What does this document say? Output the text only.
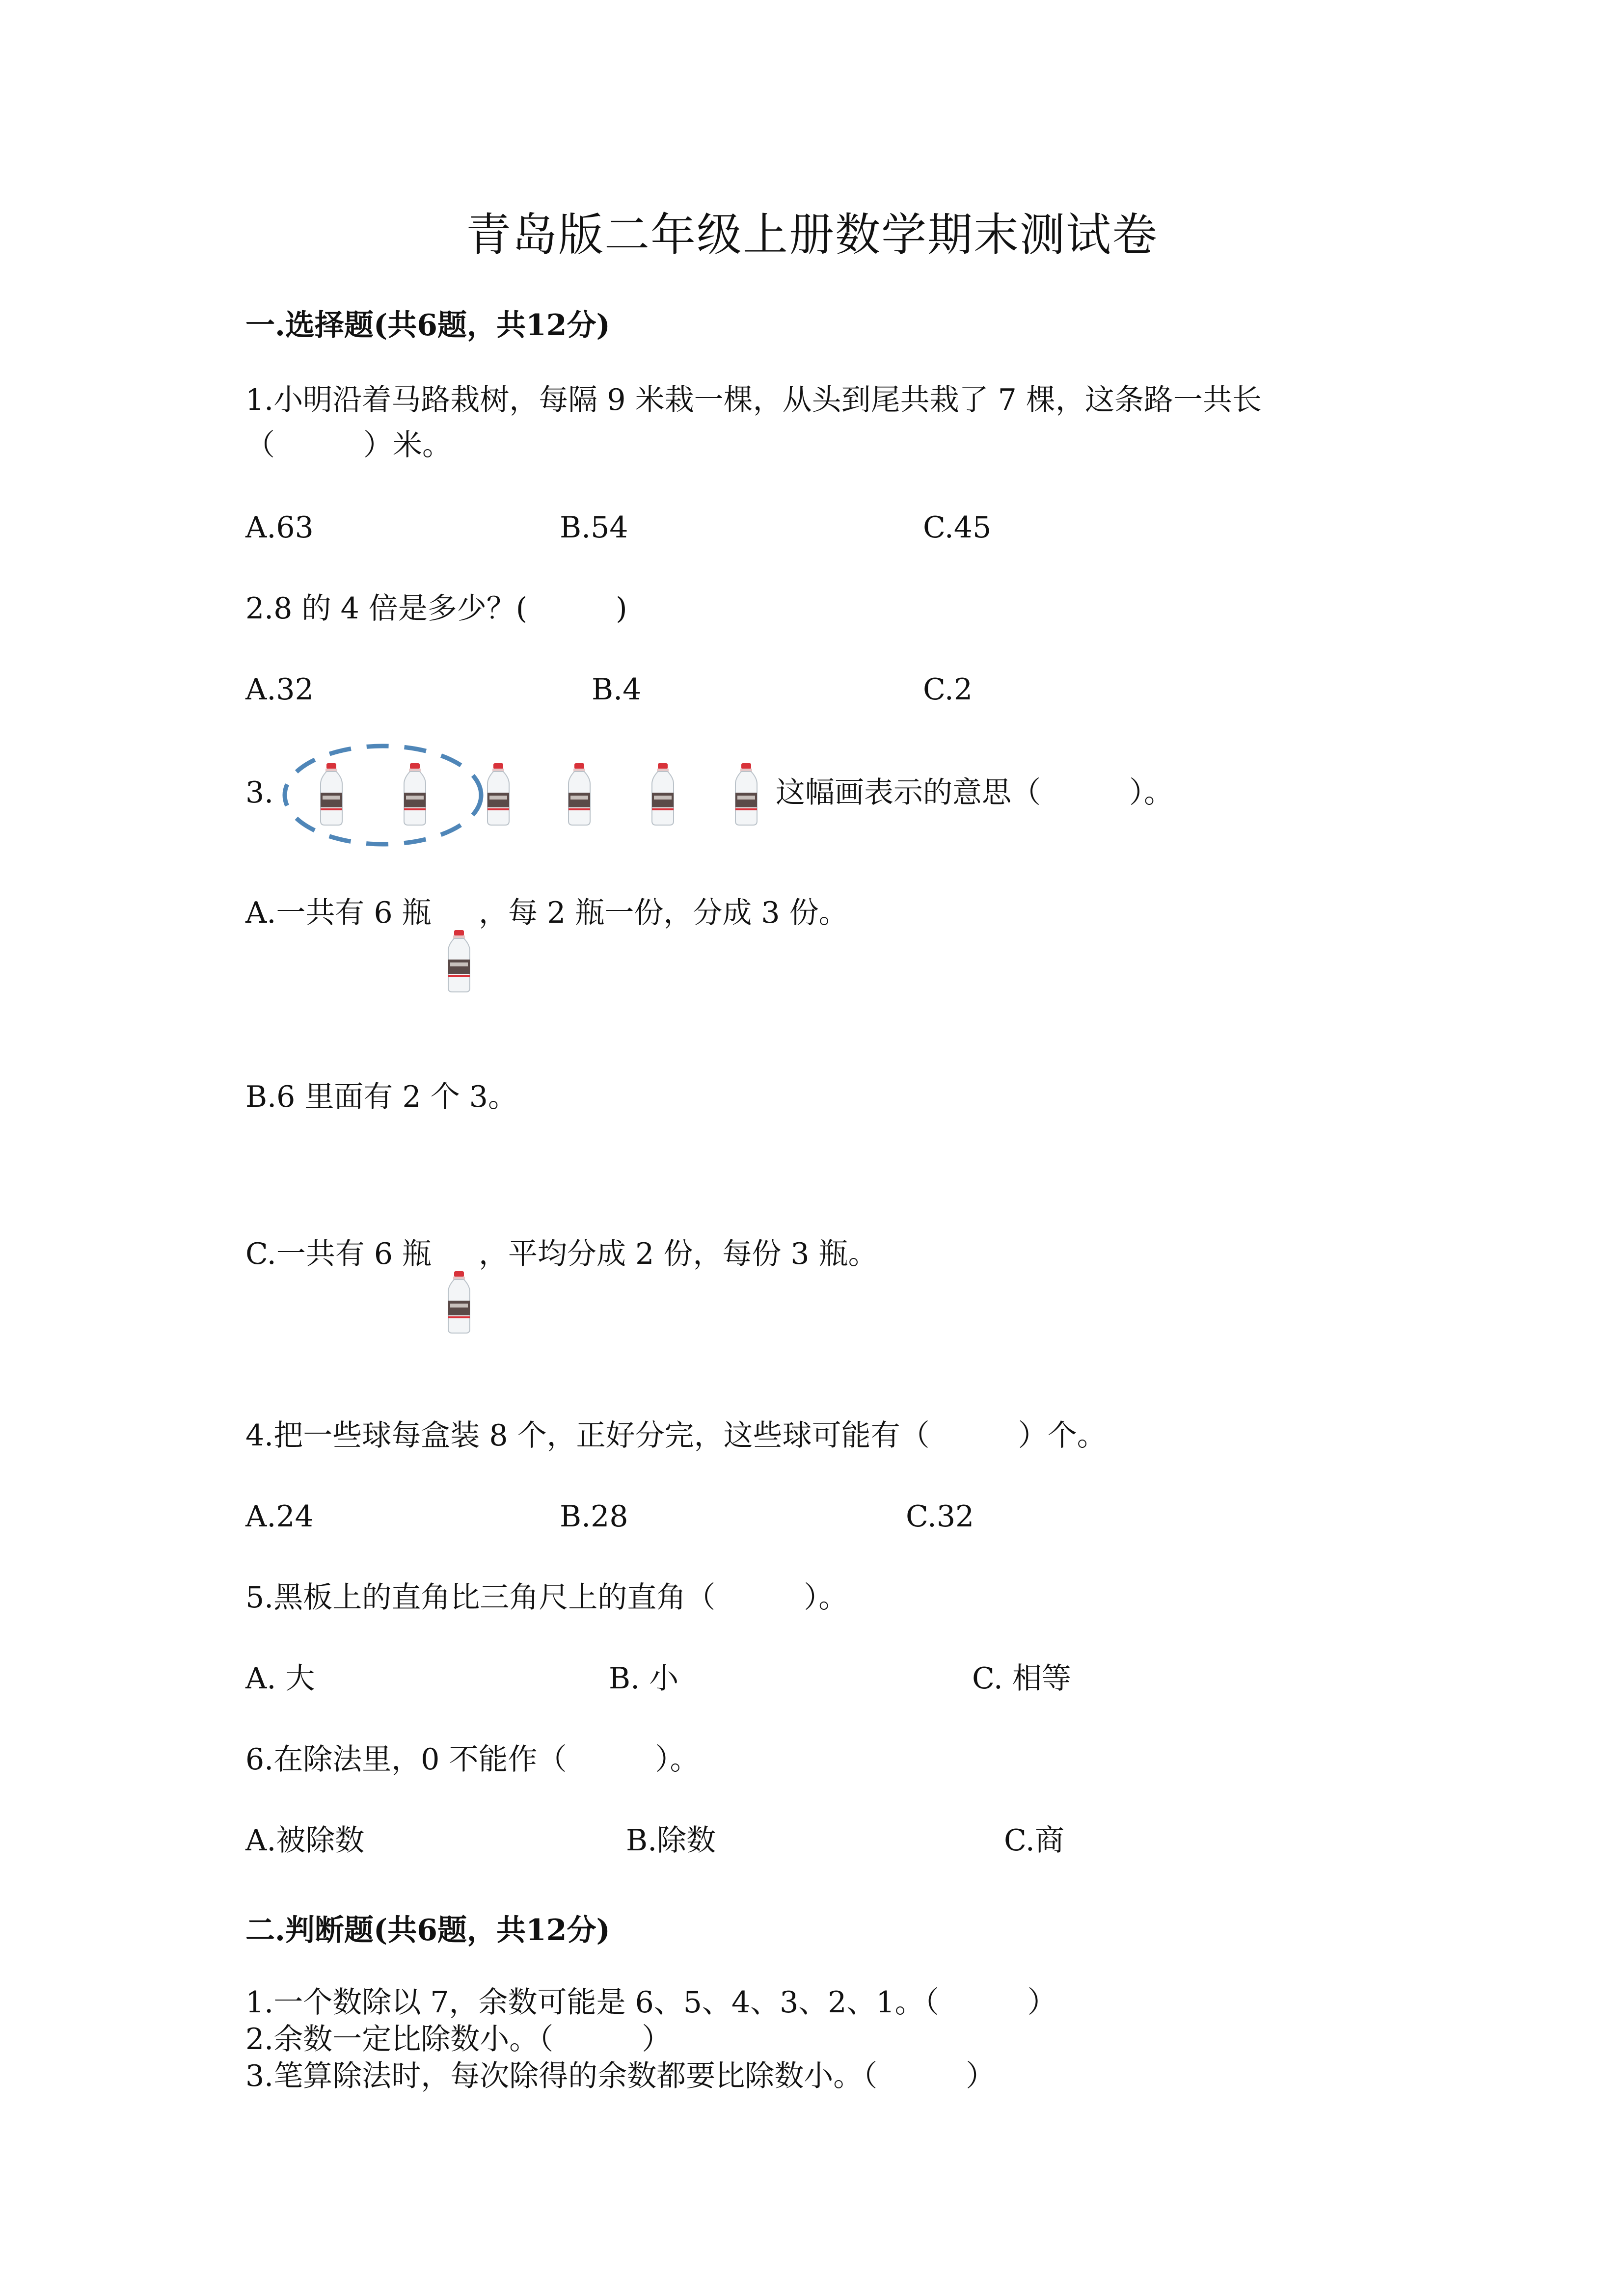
青岛版二年级上册数学期末测试卷
一.选择题(共6题，共12分)
1.小明沿着马路栽树，每隔 9 米栽一棵，从头到尾共栽了 7 棵，这条路一共长
（　　　）米。
A.63	B.54	C.45
2.8 的 4 倍是多少？(　　　)
A.32	B.4	C.2
3.	这幅画表示的意思（　　　）。
A.一共有 6 瓶 ，每 2 瓶一份，分成 3 份。
B.6 里面有 2 个 3。
C.一共有 6 瓶 ，平均分成 2 份，每份 3 瓶。
4.把一些球每盒装 8 个，正好分完，这些球可能有（　　　）个。
A.24	B.28	C.32
5.黑板上的直角比三角尺上的直角（　　　）。
A. 大	B. 小	C. 相等
6.在除法里，0 不能作（　　　）。
A.被除数	B.除数	C.商
二.判断题(共6题，共12分)
1.一个数除以 7，余数可能是 6、5、4、3、2、1。（　　　）
2.余数一定比除数小。（　　　）
3.笔算除法时，每次除得的余数都要比除数小。（　　　）
